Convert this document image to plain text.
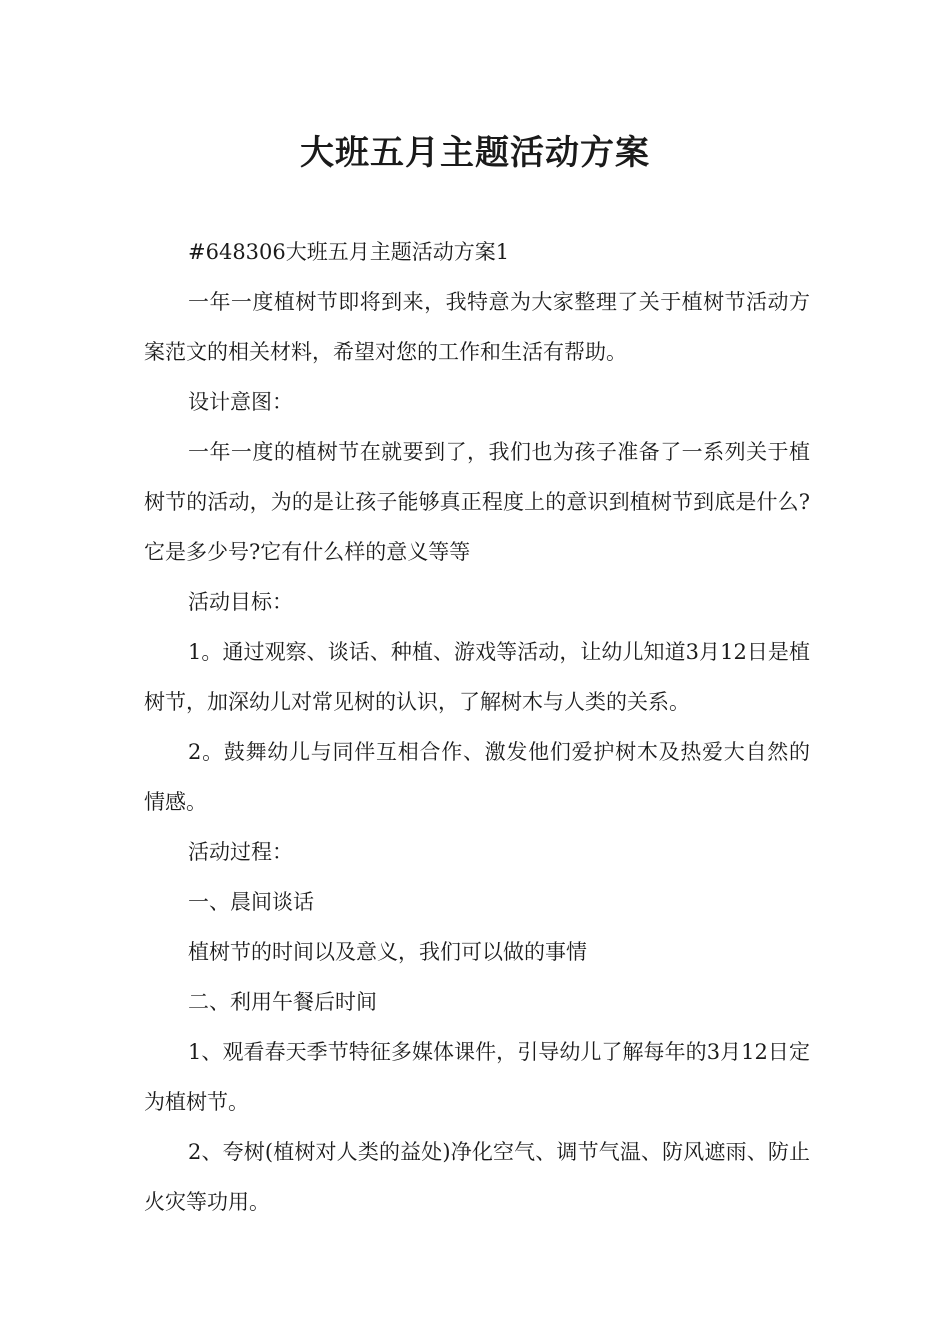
大班五月主题活动方案

#648306大班五月主题活动方案1

一年一度植树节即将到来，我特意为大家整理了关于植树节活动方案范文的相关材料，希望对您的工作和生活有帮助。

设计意图：

一年一度的植树节在就要到了，我们也为孩子准备了一系列关于植树节的活动，为的是让孩子能够真正程度上的意识到植树节到底是什么?它是多少号?它有什么样的意义等等

活动目标：

1。通过观察、谈话、种植、游戏等活动，让幼儿知道3月12日是植树节，加深幼儿对常见树的认识，了解树木与人类的关系。

2。鼓舞幼儿与同伴互相合作、激发他们爱护树木及热爱大自然的情感。

活动过程：

一、晨间谈话

植树节的时间以及意义，我们可以做的事情

二、利用午餐后时间

1、观看春天季节特征多媒体课件，引导幼儿了解每年的3月12日定为植树节。

2、夸树(植树对人类的益处)净化空气、调节气温、防风遮雨、防止火灾等功用。
